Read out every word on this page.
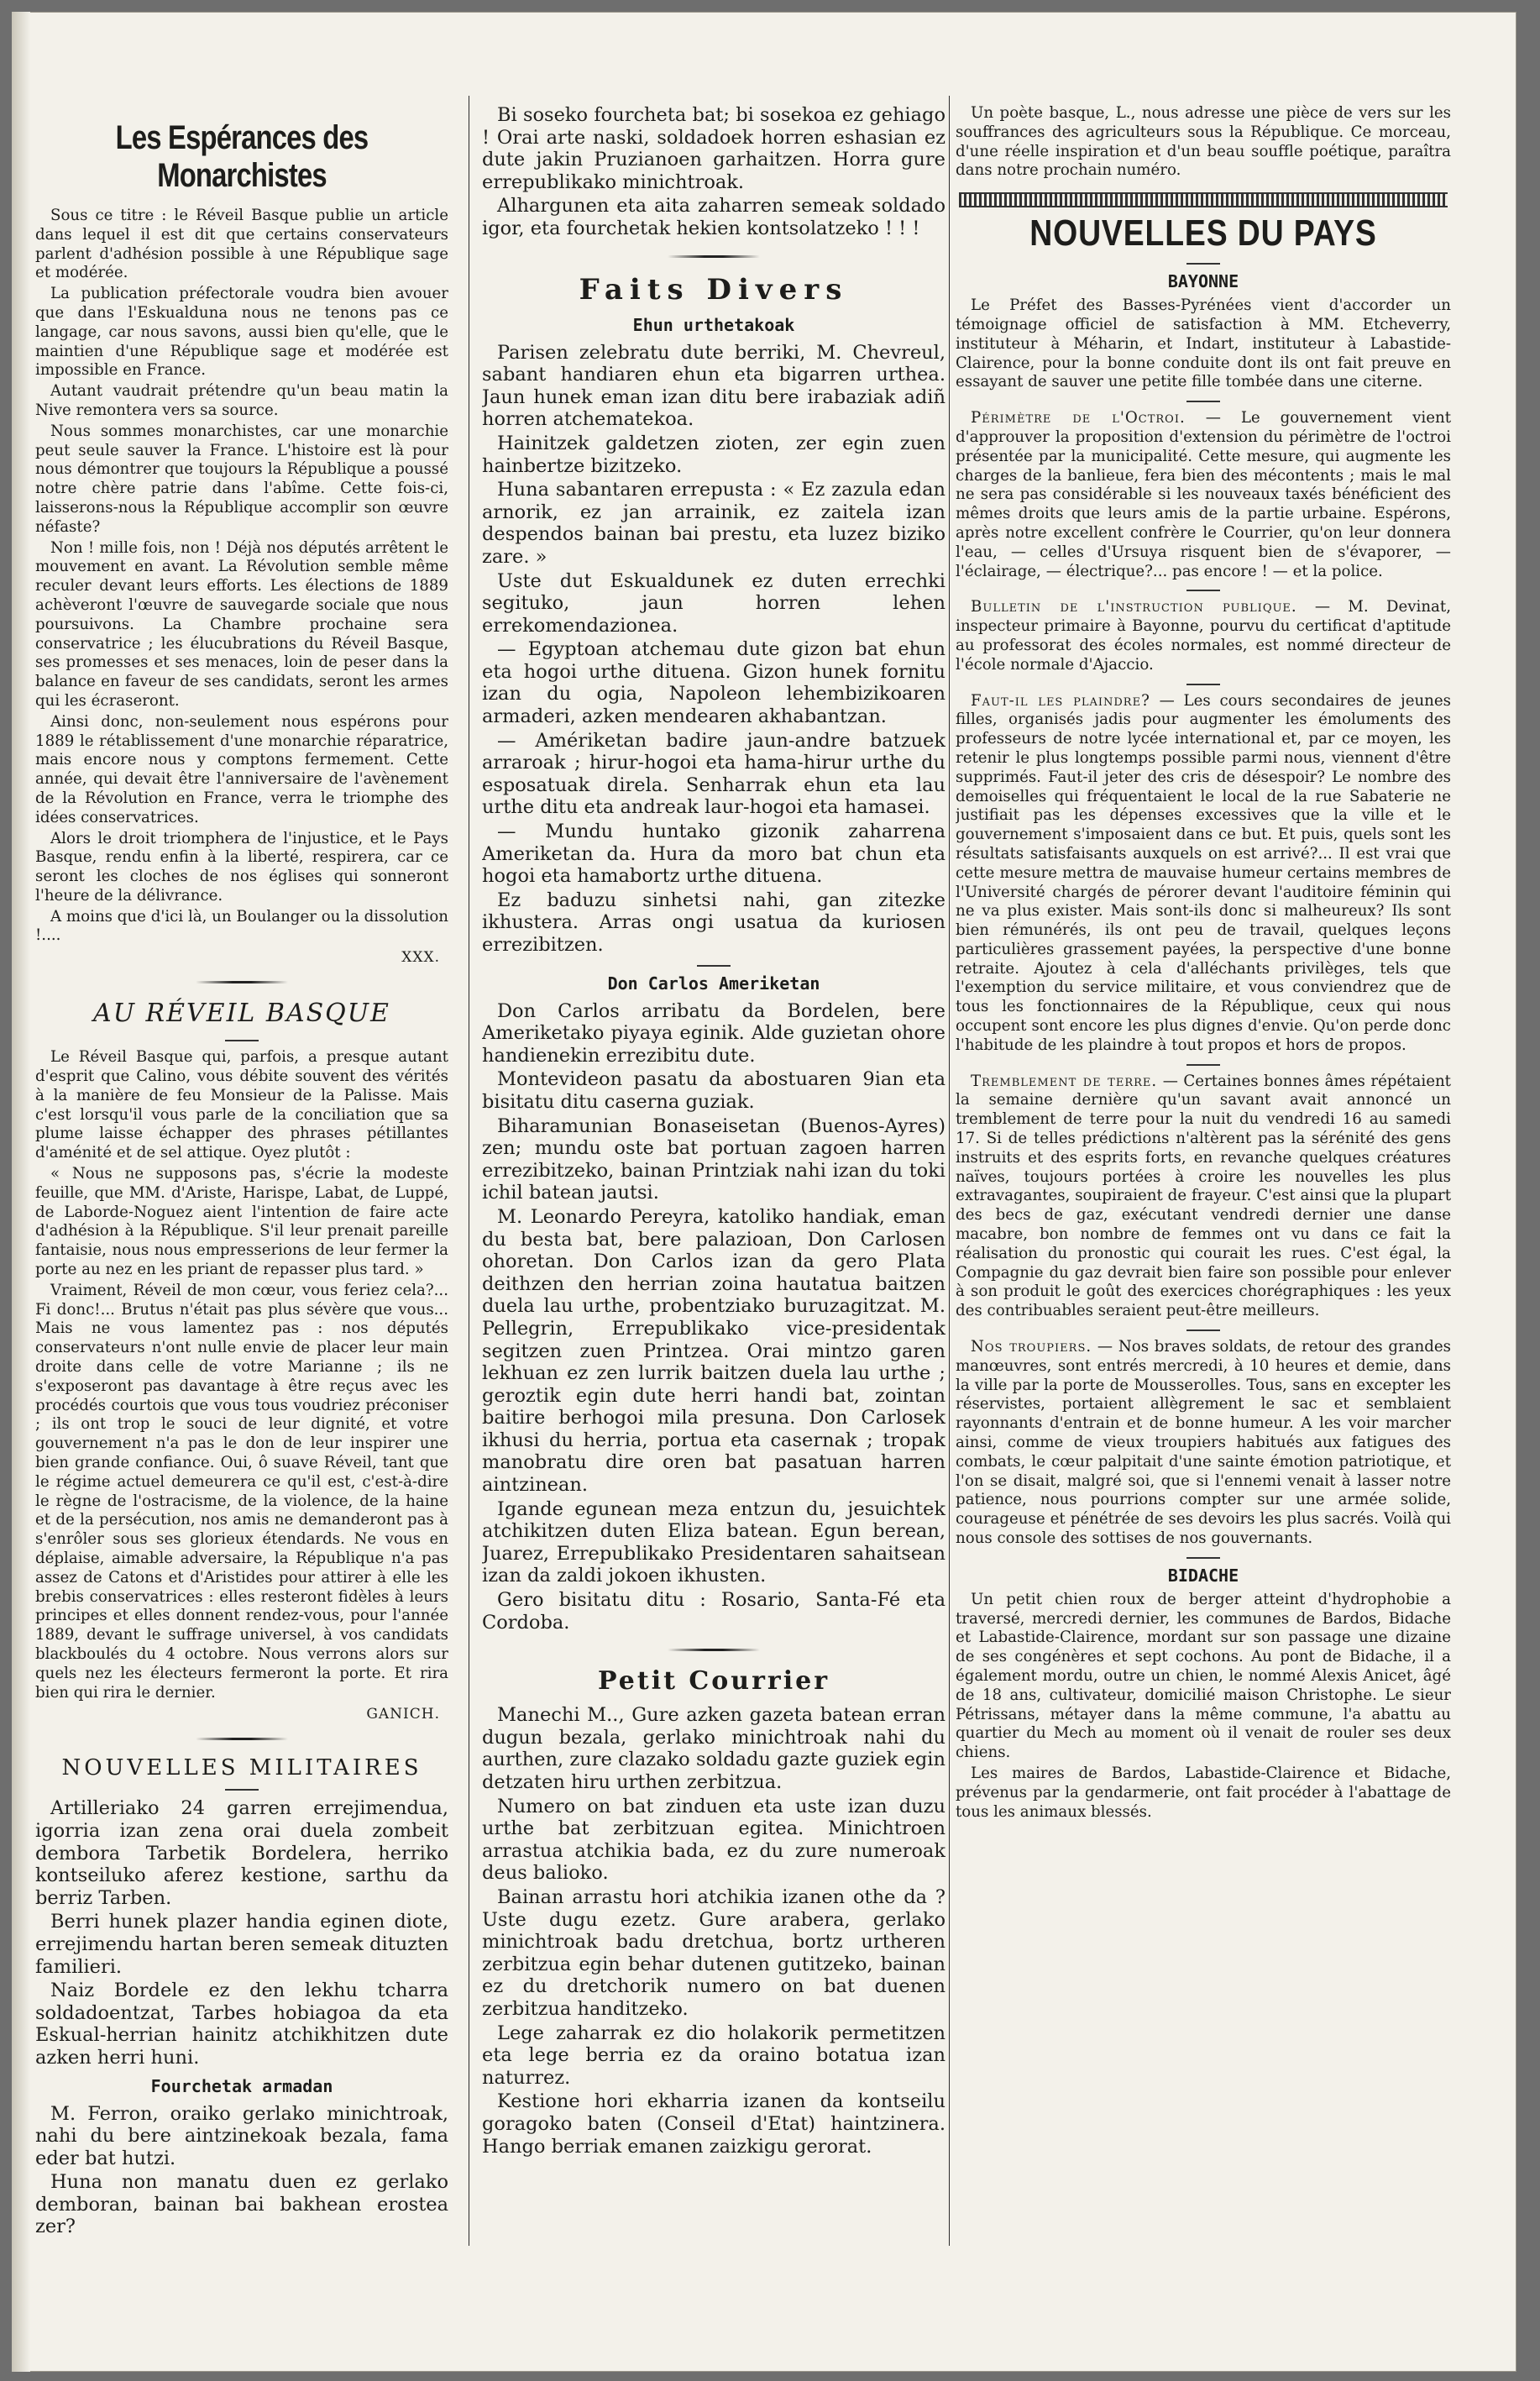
Les Espérances des Monarchistes

Sous ce titre : le Réveil Basque publie un article dans lequel il est dit que certains conservateurs parlent d'adhésion possible à une République sage et modérée.

La publication préfectorale voudra bien avouer que dans l'Eskualduna nous ne tenons pas ce langage, car nous savons, aussi bien qu'elle, que le maintien d'une République sage et modérée est impossible en France.

Autant vaudrait prétendre qu'un beau matin la Nive remontera vers sa source.

Nous sommes monarchistes, car une monarchie peut seule sauver la France. L'histoire est là pour nous démontrer que toujours la République a poussé notre chère patrie dans l'abîme. Cette fois-ci, laisserons-nous la République accomplir son œuvre néfaste?

Non ! mille fois, non ! Déjà nos députés arrêtent le mouvement en avant. La Révolution semble même reculer devant leurs efforts. Les élections de 1889 achèveront l'œuvre de sauvegarde sociale que nous poursuivons. La Chambre prochaine sera conservatrice ; les élucubrations du Réveil Basque, ses promesses et ses menaces, loin de peser dans la balance en faveur de ses candidats, seront les armes qui les écraseront.

Ainsi donc, non-seulement nous espérons pour 1889 le rétablissement d'une monarchie réparatrice, mais encore nous y comptons fermement. Cette année, qui devait être l'anniversaire de l'avènement de la Révolution en France, verra le triomphe des idées conservatrices.

Alors le droit triomphera de l'injustice, et le Pays Basque, rendu enfin à la liberté, respirera, car ce seront les cloches de nos églises qui sonneront l'heure de la délivrance.

A moins que d'ici là, un Boulanger ou la dissolution !....

XXX.
AU RÉVEIL BASQUE

Le Réveil Basque qui, parfois, a presque autant d'esprit que Calino, vous débite souvent des vérités à la manière de feu Monsieur de la Palisse. Mais c'est lorsqu'il vous parle de la conciliation que sa plume laisse échapper des phrases pétillantes d'aménité et de sel attique. Oyez plutôt :

« Nous ne supposons pas, s'écrie la modeste feuille, que MM. d'Ariste, Harispe, Labat, de Luppé, de Laborde-Noguez aient l'intention de faire acte d'adhésion à la République. S'il leur prenait pareille fantaisie, nous nous empresserions de leur fermer la porte au nez en les priant de repasser plus tard. »

Vraiment, Réveil de mon cœur, vous feriez cela?... Fi donc!... Brutus n'était pas plus sévère que vous... Mais ne vous lamentez pas : nos députés conservateurs n'ont nulle envie de placer leur main droite dans celle de votre Marianne ; ils ne s'exposeront pas davantage à être reçus avec les procédés courtois que vous tous voudriez préconiser ; ils ont trop le souci de leur dignité, et votre gouvernement n'a pas le don de leur inspirer une bien grande confiance. Oui, ô suave Réveil, tant que le régime actuel demeurera ce qu'il est, c'est-à-dire le règne de l'ostracisme, de la violence, de la haine et de la persécution, nos amis ne demanderont pas à s'enrôler sous ses glorieux étendards. Ne vous en déplaise, aimable adversaire, la République n'a pas assez de Catons et d'Aristides pour attirer à elle les brebis conservatrices : elles resteront fidèles à leurs principes et elles donnent rendez-vous, pour l'année 1889, devant le suffrage universel, à vos candidats blackboulés du 4 octobre. Nous verrons alors sur quels nez les électeurs fermeront la porte. Et rira bien qui rira le dernier.

GANICH.
NOUVELLES MILITAIRES

Artilleriako 24 garren errejimendua, igorria izan zena orai duela zombeit dembora Tarbetik Bordelera, herriko kontseiluko aferez kestione, sarthu da berriz Tarben.

Berri hunek plazer handia eginen diote, errejimendu hartan beren semeak dituzten familieri.

Naiz Bordele ez den lekhu tcharra soldadoentzat, Tarbes hobiagoa da eta Eskual-herrian hainitz atchikhitzen dute azken herri huni.

Fourchetak armadan

M. Ferron, oraiko gerlako minichtroak, nahi du bere aintzinekoak bezala, fama eder bat hutzi.

Huna non manatu duen ez gerlako demboran, bainan bai bakhean erostea zer?

Bi soseko fourcheta bat; bi sosekoa ez gehiago ! Orai arte naski, soldadoek horren eshasian ez dute jakin Pruzianoen garhaitzen. Horra gure errepublikako minichtroak.

Alhargunen eta aita zaharren semeak soldado igor, eta fourchetak hekien kontsolatzeko ! ! !

Faits Divers
Ehun urthetakoak

Parisen zelebratu dute berriki, M. Chevreul, sabant handiaren ehun eta bigarren urthea. Jaun hunek eman izan ditu bere irabaziak adiñ horren atchematekoa.

Hainitzek galdetzen zioten, zer egin zuen hainbertze bizitzeko.

Huna sabantaren errepusta : « Ez zazula edan arnorik, ez jan arrainik, ez zaitela izan despendos bainan bai prestu, eta luzez biziko zare. »

Uste dut Eskualdunek ez duten errechki segituko, jaun horren lehen errekomendazionea.

— Egyptoan atchemau dute gizon bat ehun eta hogoi urthe dituena. Gizon hunek fornitu izan du ogia, Napoleon lehembizikoaren armaderi, azken mendearen akhabantzan.

— Amériketan badire jaun-andre batzuek arraroak ; hirur-hogoi eta hama-hirur urthe du esposatuak direla. Senharrak ehun eta lau urthe ditu eta andreak laur-hogoi eta hamasei.

— Mundu huntako gizonik zaharrena Ameriketan da. Hura da moro bat chun eta hogoi eta hamabortz urthe dituena.

Ez baduzu sinhetsi nahi, gan zitezke ikhustera. Arras ongi usatua da kuriosen errezibitzen.

Don Carlos Ameriketan

Don Carlos arribatu da Bordelen, bere Ameriketako piyaya eginik. Alde guzietan ohore handienekin errezibitu dute.

Montevideon pasatu da abostuaren 9ian eta bisitatu ditu caserna guziak.

Biharamunian Bonaseisetan (Buenos-Ayres) zen; mundu oste bat portuan zagoen harren errezibitzeko, bainan Printziak nahi izan du toki ichil batean jautsi.

M. Leonardo Pereyra, katoliko handiak, eman du besta bat, bere palazioan, Don Carlosen ohoretan. Don Carlos izan da gero Plata deithzen den herrian zoina hautatua baitzen duela lau urthe, probentziako buruzagitzat. M. Pellegrin, Errepublikako vice-presidentak segitzen zuen Printzea. Orai mintzo garen lekhuan ez zen lurrik baitzen duela lau urthe ; geroztik egin dute herri handi bat, zointan baitire berhogoi mila presuna. Don Carlosek ikhusi du herria, portua eta casernak ; tropak manobratu dire oren bat pasatuan harren aintzinean.

Igande egunean meza entzun du, jesuichtek atchikitzen duten Eliza batean. Egun berean, Juarez, Errepublikako Presidentaren sahaitsean izan da zaldi jokoen ikhusten.

Gero bisitatu ditu : Rosario, Santa-Fé eta Cordoba.

Petit Courrier

Manechi M.., Gure azken gazeta batean erran dugun bezala, gerlako minichtroak nahi du aurthen, zure clazako soldadu gazte guziek egin detzaten hiru urthen zerbitzua.

Numero on bat zinduen eta uste izan duzu urthe bat zerbitzuan egitea. Minichtroen arrastua atchikia bada, ez du zure numeroak deus balioko.

Bainan arrastu hori atchikia izanen othe da ? Uste dugu ezetz. Gure arabera, gerlako minichtroak badu dretchua, bortz urtheren zerbitzua egin behar dutenen gutitzeko, bainan ez du dretchorik numero on bat duenen zerbitzua handitzeko.

Lege zaharrak ez dio holakorik permetitzen eta lege berria ez da oraino botatua izan naturrez.

Kestione hori ekharria izanen da kontseilu goragoko baten (Conseil d'Etat) haintzinera. Hango berriak emanen zaizkigu gerorat.

Un poète basque, L., nous adresse une pièce de vers sur les souffrances des agriculteurs sous la République. Ce morceau, d'une réelle inspiration et d'un beau souffle poétique, paraîtra dans notre prochain numéro.

NOUVELLES DU PAYS
BAYONNE

Le Préfet des Basses-Pyrénées vient d'accorder un témoignage officiel de satisfaction à MM. Etcheverry, instituteur à Méharin, et Indart, instituteur à Labastide-Clairence, pour la bonne conduite dont ils ont fait preuve en essayant de sauver une petite fille tombée dans une citerne.

Périmètre de l'Octroi. — Le gouvernement vient d'approuver la proposition d'extension du périmètre de l'octroi présentée par la municipalité. Cette mesure, qui augmente les charges de la banlieue, fera bien des mécontents ; mais le mal ne sera pas considérable si les nouveaux taxés bénéficient des mêmes droits que leurs amis de la partie urbaine. Espérons, après notre excellent confrère le Courrier, qu'on leur donnera l'eau, — celles d'Ursuya risquent bien de s'évaporer, — l'éclairage, — électrique?... pas encore ! — et la police.

Bulletin de l'instruction publique. — M. Devinat, inspecteur primaire à Bayonne, pourvu du certificat d'aptitude au professorat des écoles normales, est nommé directeur de l'école normale d'Ajaccio.

Faut-il les plaindre? — Les cours secondaires de jeunes filles, organisés jadis pour augmenter les émoluments des professeurs de notre lycée international et, par ce moyen, les retenir le plus longtemps possible parmi nous, viennent d'être supprimés. Faut-il jeter des cris de désespoir? Le nombre des demoiselles qui fréquentaient le local de la rue Sabaterie ne justifiait pas les dépenses excessives que la ville et le gouvernement s'imposaient dans ce but. Et puis, quels sont les résultats satisfaisants auxquels on est arrivé?... Il est vrai que cette mesure mettra de mauvaise humeur certains membres de l'Université chargés de pérorer devant l'auditoire féminin qui ne va plus exister. Mais sont-ils donc si malheureux? Ils sont bien rémunérés, ils ont peu de travail, quelques leçons particulières grassement payées, la perspective d'une bonne retraite. Ajoutez à cela d'alléchants privilèges, tels que l'exemption du service militaire, et vous conviendrez que de tous les fonctionnaires de la République, ceux qui nous occupent sont encore les plus dignes d'envie. Qu'on perde donc l'habitude de les plaindre à tout propos et hors de propos.

Tremblement de terre. — Certaines bonnes âmes répétaient la semaine dernière qu'un savant avait annoncé un tremblement de terre pour la nuit du vendredi 16 au samedi 17. Si de telles prédictions n'altèrent pas la sérénité des gens instruits et des esprits forts, en revanche quelques créatures naïves, toujours portées à croire les nouvelles les plus extravagantes, soupiraient de frayeur. C'est ainsi que la plupart des becs de gaz, exécutant vendredi dernier une danse macabre, bon nombre de femmes ont vu dans ce fait la réalisation du pronostic qui courait les rues. C'est égal, la Compagnie du gaz devrait bien faire son possible pour enlever à son produit le goût des exercices chorégraphiques : les yeux des contribuables seraient peut-être meilleurs.

Nos troupiers. — Nos braves soldats, de retour des grandes manœuvres, sont entrés mercredi, à 10 heures et demie, dans la ville par la porte de Mousserolles. Tous, sans en excepter les réservistes, portaient allègrement le sac et semblaient rayonnants d'entrain et de bonne humeur. A les voir marcher ainsi, comme de vieux troupiers habitués aux fatigues des combats, le cœur palpitait d'une sainte émotion patriotique, et l'on se disait, malgré soi, que si l'ennemi venait à lasser notre patience, nous pourrions compter sur une armée solide, courageuse et pénétrée de ses devoirs les plus sacrés. Voilà qui nous console des sottises de nos gouvernants.

BIDACHE

Un petit chien roux de berger atteint d'hydrophobie a traversé, mercredi dernier, les communes de Bardos, Bidache et Labastide-Clairence, mordant sur son passage une dizaine de ses congénères et sept cochons. Au pont de Bidache, il a également mordu, outre un chien, le nommé Alexis Anicet, âgé de 18 ans, cultivateur, domicilié maison Christophe. Le sieur Pétrissans, métayer dans la même commune, l'a abattu au quartier du Mech au moment où il venait de rouler ses deux chiens.

Les maires de Bardos, Labastide-Clairence et Bidache, prévenus par la gendarmerie, ont fait procéder à l'abattage de tous les animaux blessés.
